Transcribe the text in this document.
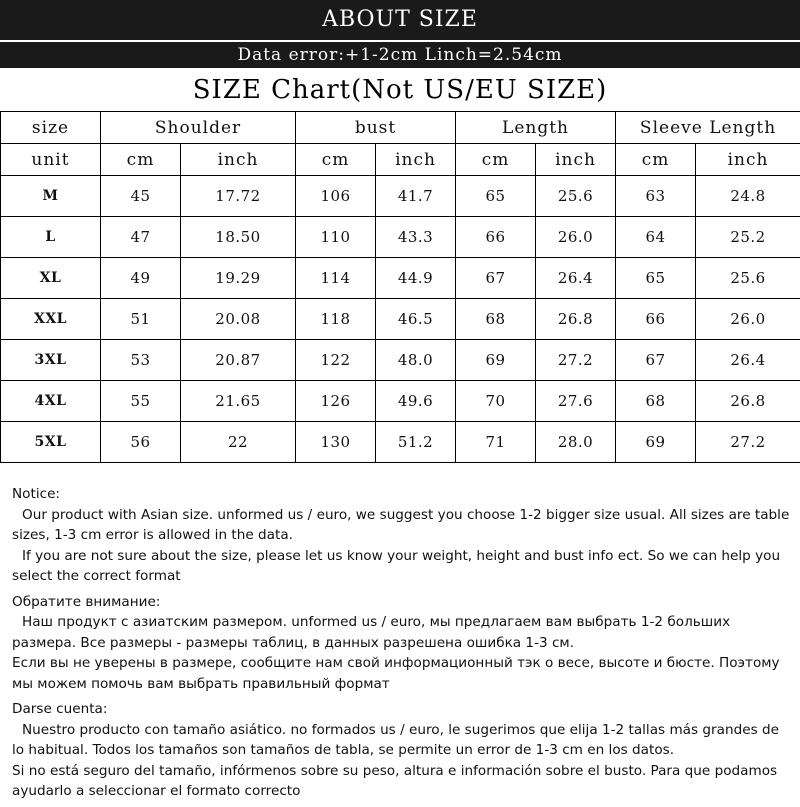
ABOUT SIZE
Data error:+1-2cm Linch=2.54cm
SIZE Chart(Not US/EU SIZE)
size	Shoulder		bust		Length		Sleeve Length	
unit	cm	inch	cm	inch	cm	inch	cm	inch
M	45	17.72	106	41.7	65	25.6	63	24.8
L	47	18.50	110	43.3	66	26.0	64	25.2
XL	49	19.29	114	44.9	67	26.4	65	25.6
XXL	51	20.08	118	46.5	68	26.8	66	26.0
3XL	53	20.87	122	48.0	69	27.2	67	26.4
4XL	55	21.65	126	49.6	70	27.6	68	26.8
5XL	56	22	130	51.2	71	28.0	69	27.2

Notice:

Our product with Asian size. unformed us / euro, we suggest you choose 1-2 bigger size usual. All sizes are table sizes, 1-3 cm error is allowed in the data.

If you are not sure about the size, please let us know your weight, height and bust info ect. So we can help you select the correct format

Обратите внимание:

Наш продукт с азиатским размером. unformed us / euro, мы предлагаем вам выбрать 1-2 больших размера. Все размеры - размеры таблиц, в данных разрешена ошибка 1-3 см.

Если вы не уверены в размере, сообщите нам свой информационный тэк о весе, высоте и бюсте. Поэтому мы можем помочь вам выбрать правильный формат

Darse cuenta:

Nuestro producto con tamaño asiático. no formados us / euro, le sugerimos que elija 1-2 tallas más grandes de lo habitual. Todos los tamaños son tamaños de tabla, se permite un error de 1-3 cm en los datos.

Si no está seguro del tamaño, infórmenos sobre su peso, altura e información sobre el busto. Para que podamos ayudarlo a seleccionar el formato correcto
